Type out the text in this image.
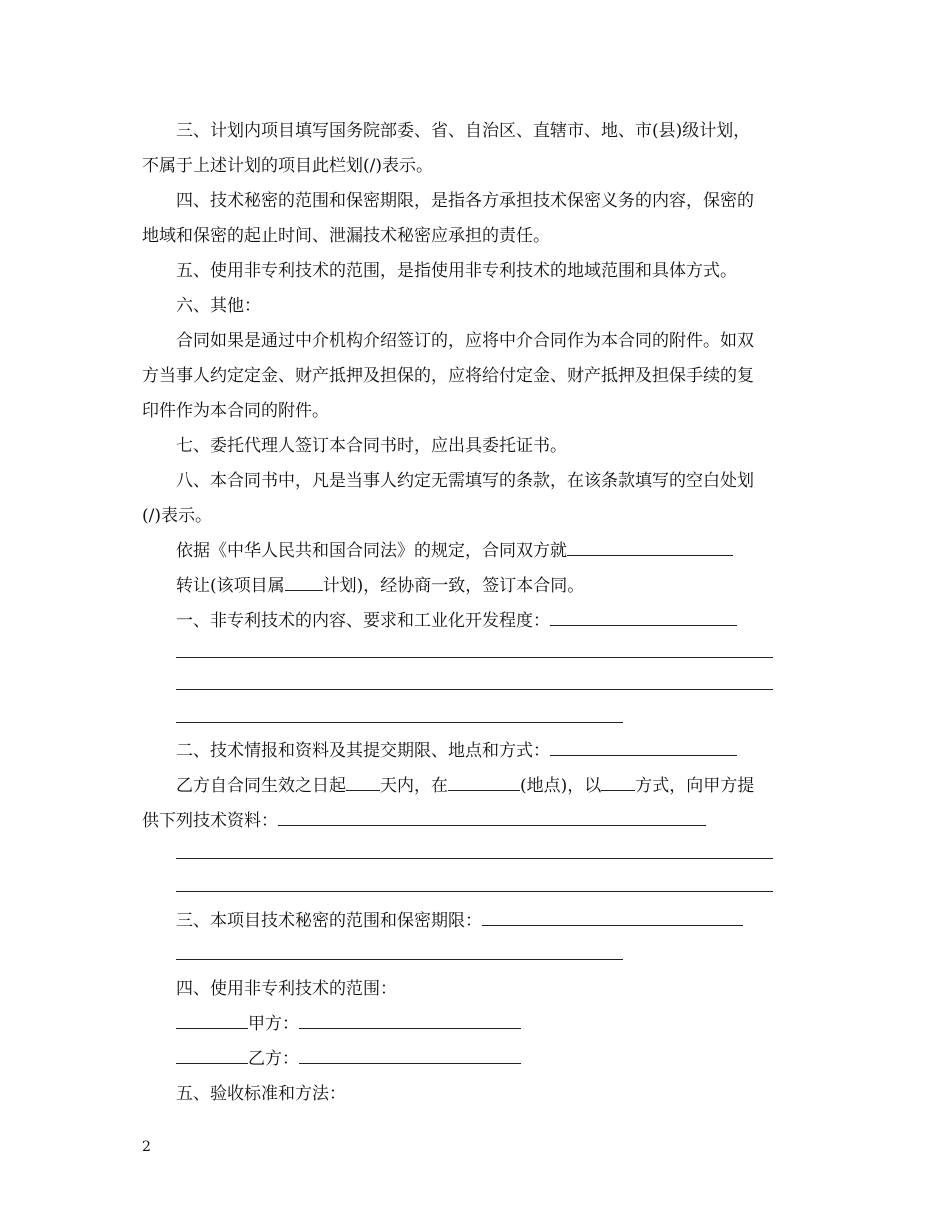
三、计划内项目填写国务院部委、省、自治区、直辖市、地、市(县)级计划，
不属于上述计划的项目此栏划(/)表示。
四、技术秘密的范围和保密期限，是指各方承担技术保密义务的内容，保密的
地域和保密的起止时间、泄漏技术秘密应承担的责任。
五、使用非专利技术的范围，是指使用非专利技术的地域范围和具体方式。
六、其他：
合同如果是通过中介机构介绍签订的，应将中介合同作为本合同的附件。如双
方当事人约定定金、财产抵押及担保的，应将给付定金、财产抵押及担保手续的复
印件作为本合同的附件。
七、委托代理人签订本合同书时，应出具委托证书。
八、本合同书中，凡是当事人约定无需填写的条款，在该条款填写的空白处划
(/)表示。
依据《中华人民共和国合同法》的规定，合同双方就
转让(该项目属 计划)，经协商一致，签订本合同。
一、非专利技术的内容、要求和工业化开发程度：
二、技术情报和资料及其提交期限、地点和方式：
乙方自合同生效之日起 天内，在	(地点)，以 方式，向甲方提
供下列技术资料：
三、本项目技术秘密的范围和保密期限：
四、使用非专利技术的范围：
甲方：
乙方：
五、验收标准和方法：
2
